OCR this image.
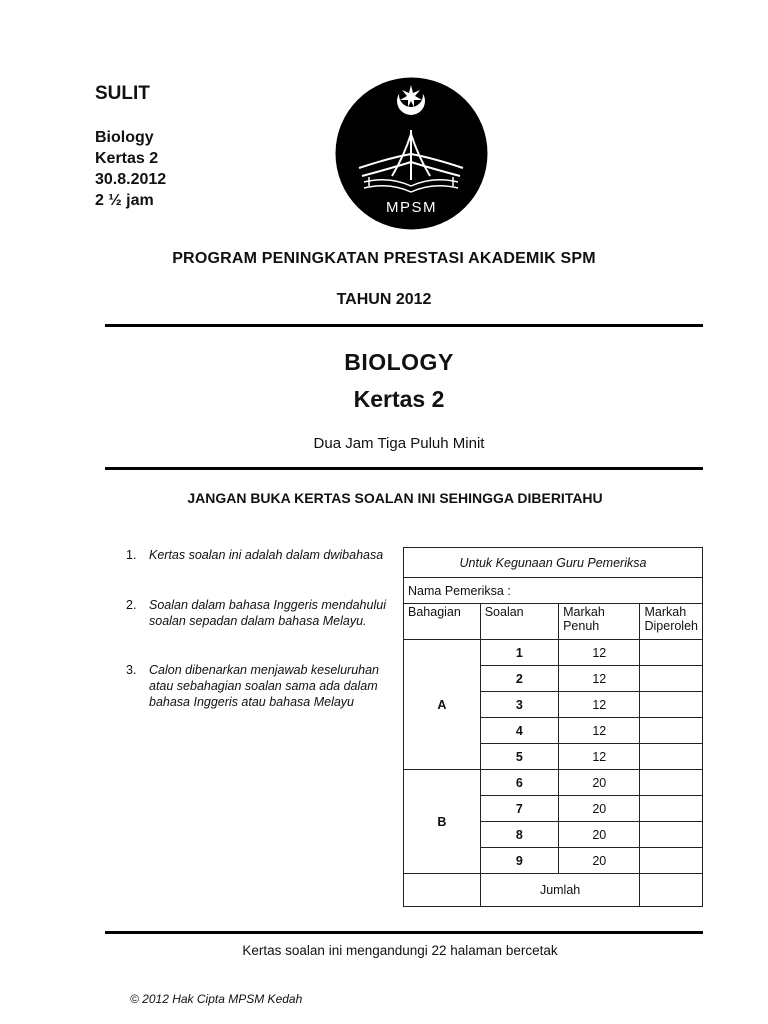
SULIT
Biology
Kertas 2
30.8.2012
2 ½ jam	MPSM
PROGRAM PENINGKATAN PRESTASI AKADEMIK SPM
TAHUN 2012
BIOLOGY
Kertas 2
Dua Jam Tiga Puluh Minit
JANGAN BUKA KERTAS SOALAN INI SEHINGGA DIBERITAHU
1. Kertas soalan ini adalah dalam dwibahasa
2. Soalan dalam bahasa Inggeris mendahului soalan sepadan dalam bahasa Melayu.
3. Calon dibenarkan menjawab keseluruhan atau sebahagian soalan sama ada dalam bahasa Inggeris atau bahasa Melayu
Untuk Kegunaan Guru Pemeriksa			
Nama Pemeriksa :			
Bahagian	Soalan	Markah Penuh	Markah Diperoleh
A	1	12	
	2	12	
	3	12	
	4	12	
	5	12	
B	6	20	
	7	20	
	8	20	
	9	20	
	Jumlah		
Kertas soalan ini mengandungi 22 halaman bercetak
© 2012 Hak Cipta MPSM Kedah
